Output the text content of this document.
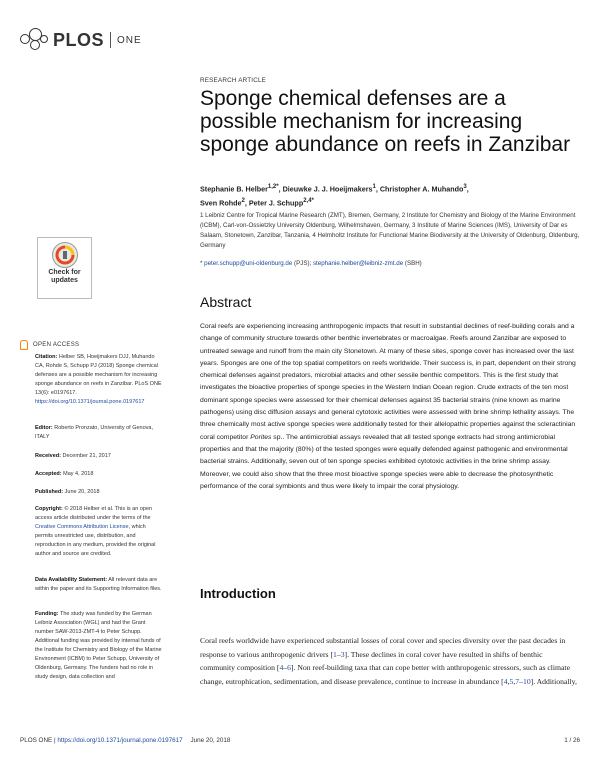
PLOS ONE
RESEARCH ARTICLE
Sponge chemical defenses are a possible mechanism for increasing sponge abundance on reefs in Zanzibar
Stephanie B. Helber$^{1,2*}$, Dieuwke J. J. Hoeijmakers$^1$, Christopher A. Muhando$^3$,
Sven Rohde$^2$, Peter J. Schupp$^{2,4*}$
1 Leibniz Centre for Tropical Marine Research (ZMT), Bremen, Germany, 2 Institute for Chemistry and Biology of the Marine Environment (ICBM), Carl-von-Ossietzky University Oldenburg, Wilhelmshaven, Germany, 3 Institute of Marine Sciences (IMS), University of Dar es Salaam, Stonetown, Zanzibar, Tanzania, 4 Helmholtz Institute for Functional Marine Biodiversity at the University of Oldenburg, Oldenburg, Germany
* peter.schupp@uni-oldenburg.de (PJS); stephanie.helber@leibniz-zmt.de (SBH)
Check for
updates
OPEN ACCESS
Citation: Helber SB, Hoeijmakers DJJ, Muhando CA, Rohde S, Schupp PJ (2018) Sponge chemical defenses are a possible mechanism for increasing sponge abundance on reefs in Zanzibar. PLoS ONE 13(6): e0197617. https://doi.org/10.1371/journal.pone.0197617
Editor: Roberto Pronzato, University of Genova, ITALY
Received: December 21, 2017
Accepted: May 4, 2018
Published: June 20, 2018
Copyright: © 2018 Helber et al. This is an open access article distributed under the terms of the Creative Commons Attribution License, which permits unrestricted use, distribution, and reproduction in any medium, provided the original author and source are credited.
Data Availability Statement: All relevant data are within the paper and its Supporting Information files.
Funding: The study was funded by the German Leibniz Association (WGL) and had the Grant number SAW-2013-ZMT-4 to Peter Schupp. Additional funding was provided by internal funds of the Institute for Chemistry and Biology of the Marine Environment (ICBM) to Peter Schupp, University of Oldenburg, Germany. The funders had no role in study design, data collection and
Abstract
Coral reefs are experiencing increasing anthropogenic impacts that result in substantial declines of reef-building corals and a change of community structure towards other benthic invertebrates or macroalgae. Reefs around Zanzibar are exposed to untreated sewage and runoff from the main city Stonetown. At many of these sites, sponge cover has increased over the last years. Sponges are one of the top spatial competitors on reefs worldwide. Their success is, in part, dependent on their strong chemical defenses against predators, microbial attacks and other sessile benthic competitors. This is the first study that investigates the bioactive properties of sponge species in the Western Indian Ocean region. Crude extracts of the ten most dominant sponge species were assessed for their chemical defenses against 35 bacterial strains (nine known as marine pathogens) using disc diffusion assays and general cytotoxic activities were assessed with brine shrimp lethality assays. The three chemically most active sponge species were additionally tested for their allelopathic properties against the scleractinian coral competitor Porites sp.. The antimicrobial assays revealed that all tested sponge extracts had strong antimicrobial properties and that the majority (80%) of the tested sponges were equally defended against pathogenic and environmental bacterial strains. Additionally, seven out of ten sponge species exhibited cytotoxic activities in the brine shrimp assay. Moreover, we could also show that the three most bioactive sponge species were able to decrease the photosynthetic performance of the coral symbionts and thus were likely to impair the coral physiology.
Introduction
Coral reefs worldwide have experienced substantial losses of coral cover and species diversity over the past decades in response to various anthropogenic drivers [1–3]. These declines in coral cover have resulted in shifts of benthic community composition [4–6]. Non reef-building taxa that can cope better with anthropogenic stressors, such as climate change, eutrophication, sedimentation, and disease prevalence, continue to increase in abundance [4,5,7–10]. Additionally,
PLOS ONE | https://doi.org/10.1371/journal.pone.0197617 June 20, 2018	1 / 26
